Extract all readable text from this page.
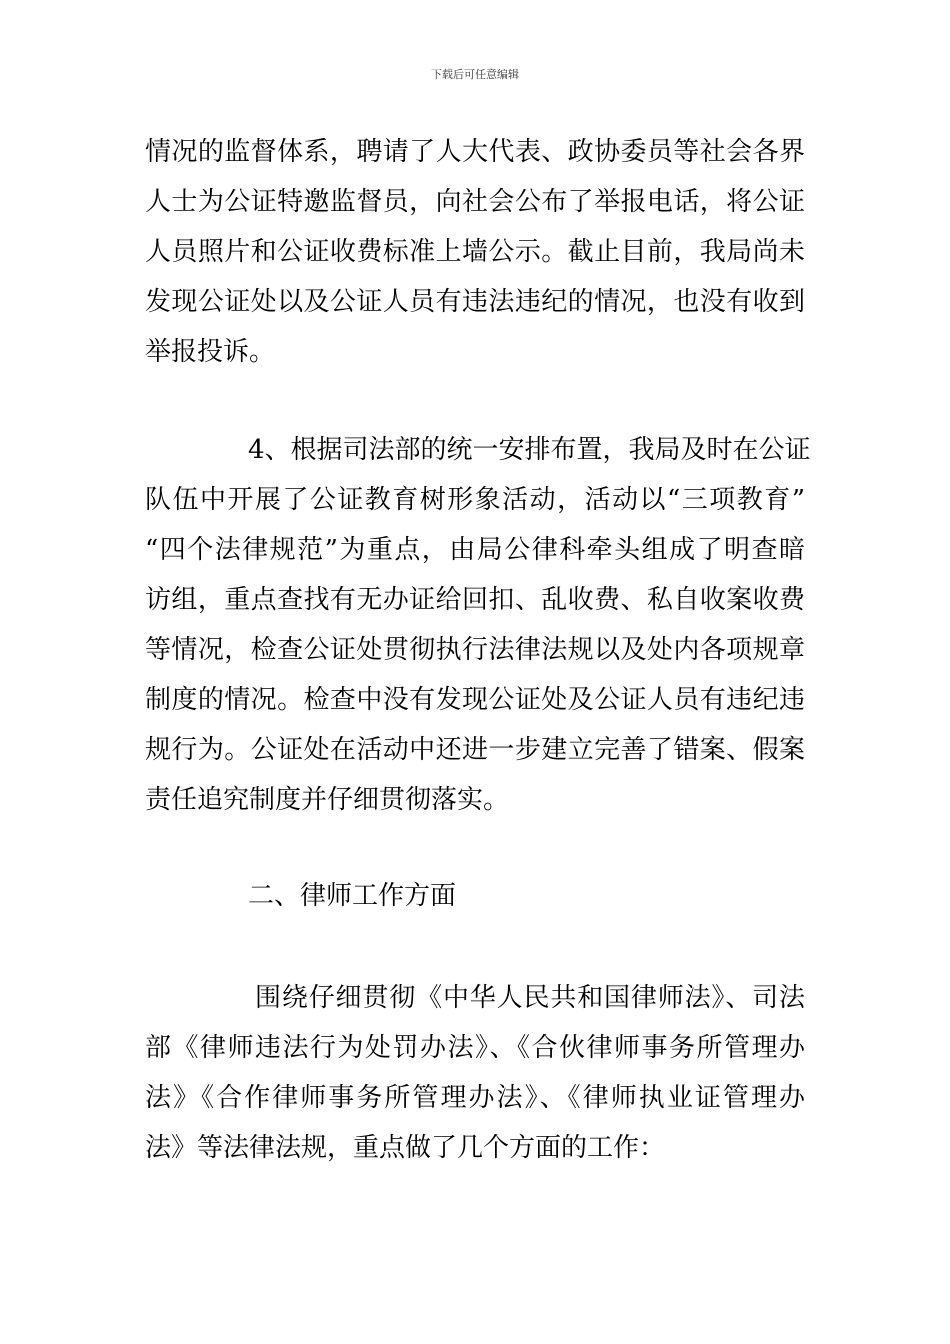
下载后可任意编辑
情况的监督体系，聘请了人大代表、政协委员等社会各界
人士为公证特邀监督员，向社会公布了举报电话，将公证
人员照片和公证收费标准上墙公示。截止目前，我局尚未
发现公证处以及公证人员有违法违纪的情况，也没有收到
举报投诉。
4、根据司法部的统一安排布置，我局及时在公证
队伍中开展了公证教育树形象活动，活动以“三项教育”
“四个法律规范”为重点，由局公律科牵头组成了明查暗
访组，重点查找有无办证给回扣、乱收费、私自收案收费
等情况，检查公证处贯彻执行法律法规以及处内各项规章
制度的情况。检查中没有发现公证处及公证人员有违纪违
规行为。公证处在活动中还进一步建立完善了错案、假案
责任追究制度并仔细贯彻落实。
二、律师工作方面
围绕仔细贯彻《中华人民共和国律师法》、司法
部《律师违法行为处罚办法》、《合伙律师事务所管理办
法》《合作律师事务所管理办法》、《律师执业证管理办
法》等法律法规，重点做了几个方面的工作：
